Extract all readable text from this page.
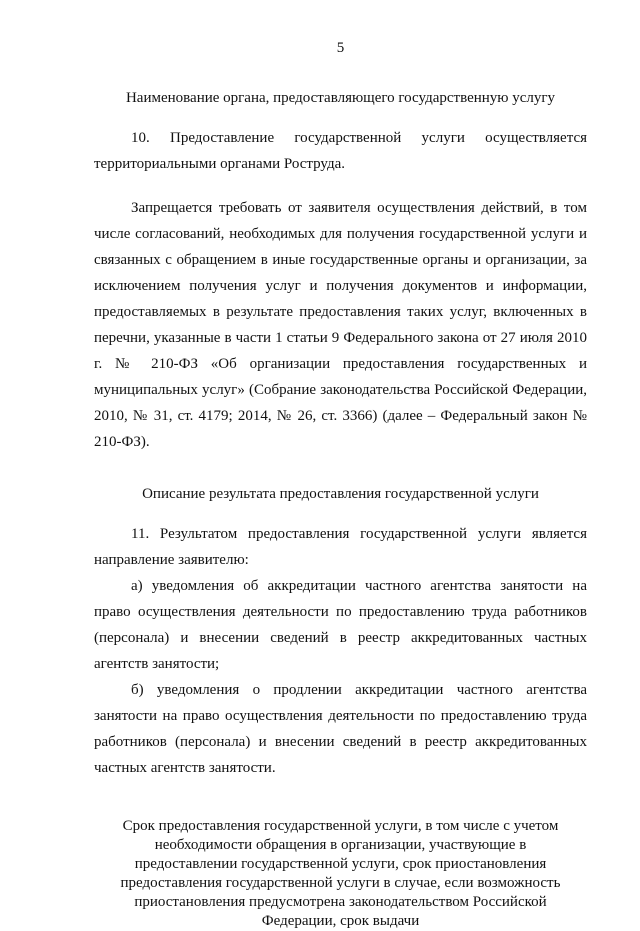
5
Наименование органа, предоставляющего государственную услугу

10. Предоставление государственной услуги осуществляется территориальными органами Роструда.

Запрещается требовать от заявителя осуществления действий, в том числе согласований, необходимых для получения государственной услуги и связанных с обращением в иные государственные органы и организации, за исключением получения услуг и получения документов и информации, предоставляемых в результате предоставления таких услуг, включенных в перечни, указанные в части 1 статьи 9 Федерального закона от 27 июля 2010 г. № 210-ФЗ «Об организации предоставления государственных и муниципальных услуг» (Собрание законодательства Российской Федерации, 2010, № 31, ст. 4179; 2014, № 26, ст. 3366) (далее – Федеральный закон № 210-ФЗ).

Описание результата предоставления государственной услуги

11. Результатом предоставления государственной услуги является направление заявителю:

а) уведомления об аккредитации частного агентства занятости на право осуществления деятельности по предоставлению труда работников (персонала) и внесении сведений в реестр аккредитованных частных агентств занятости;

б) уведомления о продлении аккредитации частного агентства занятости на право осуществления деятельности по предоставлению труда работников (персонала) и внесении сведений в реестр аккредитованных частных агентств занятости.

Срок предоставления государственной услуги, в том числе с учетом необходимости обращения в организации, участвующие в предоставлении государственной услуги, срок приостановления предоставления государственной услуги в случае, если возможность приостановления предусмотрена законодательством Российской Федерации, срок выдачи
